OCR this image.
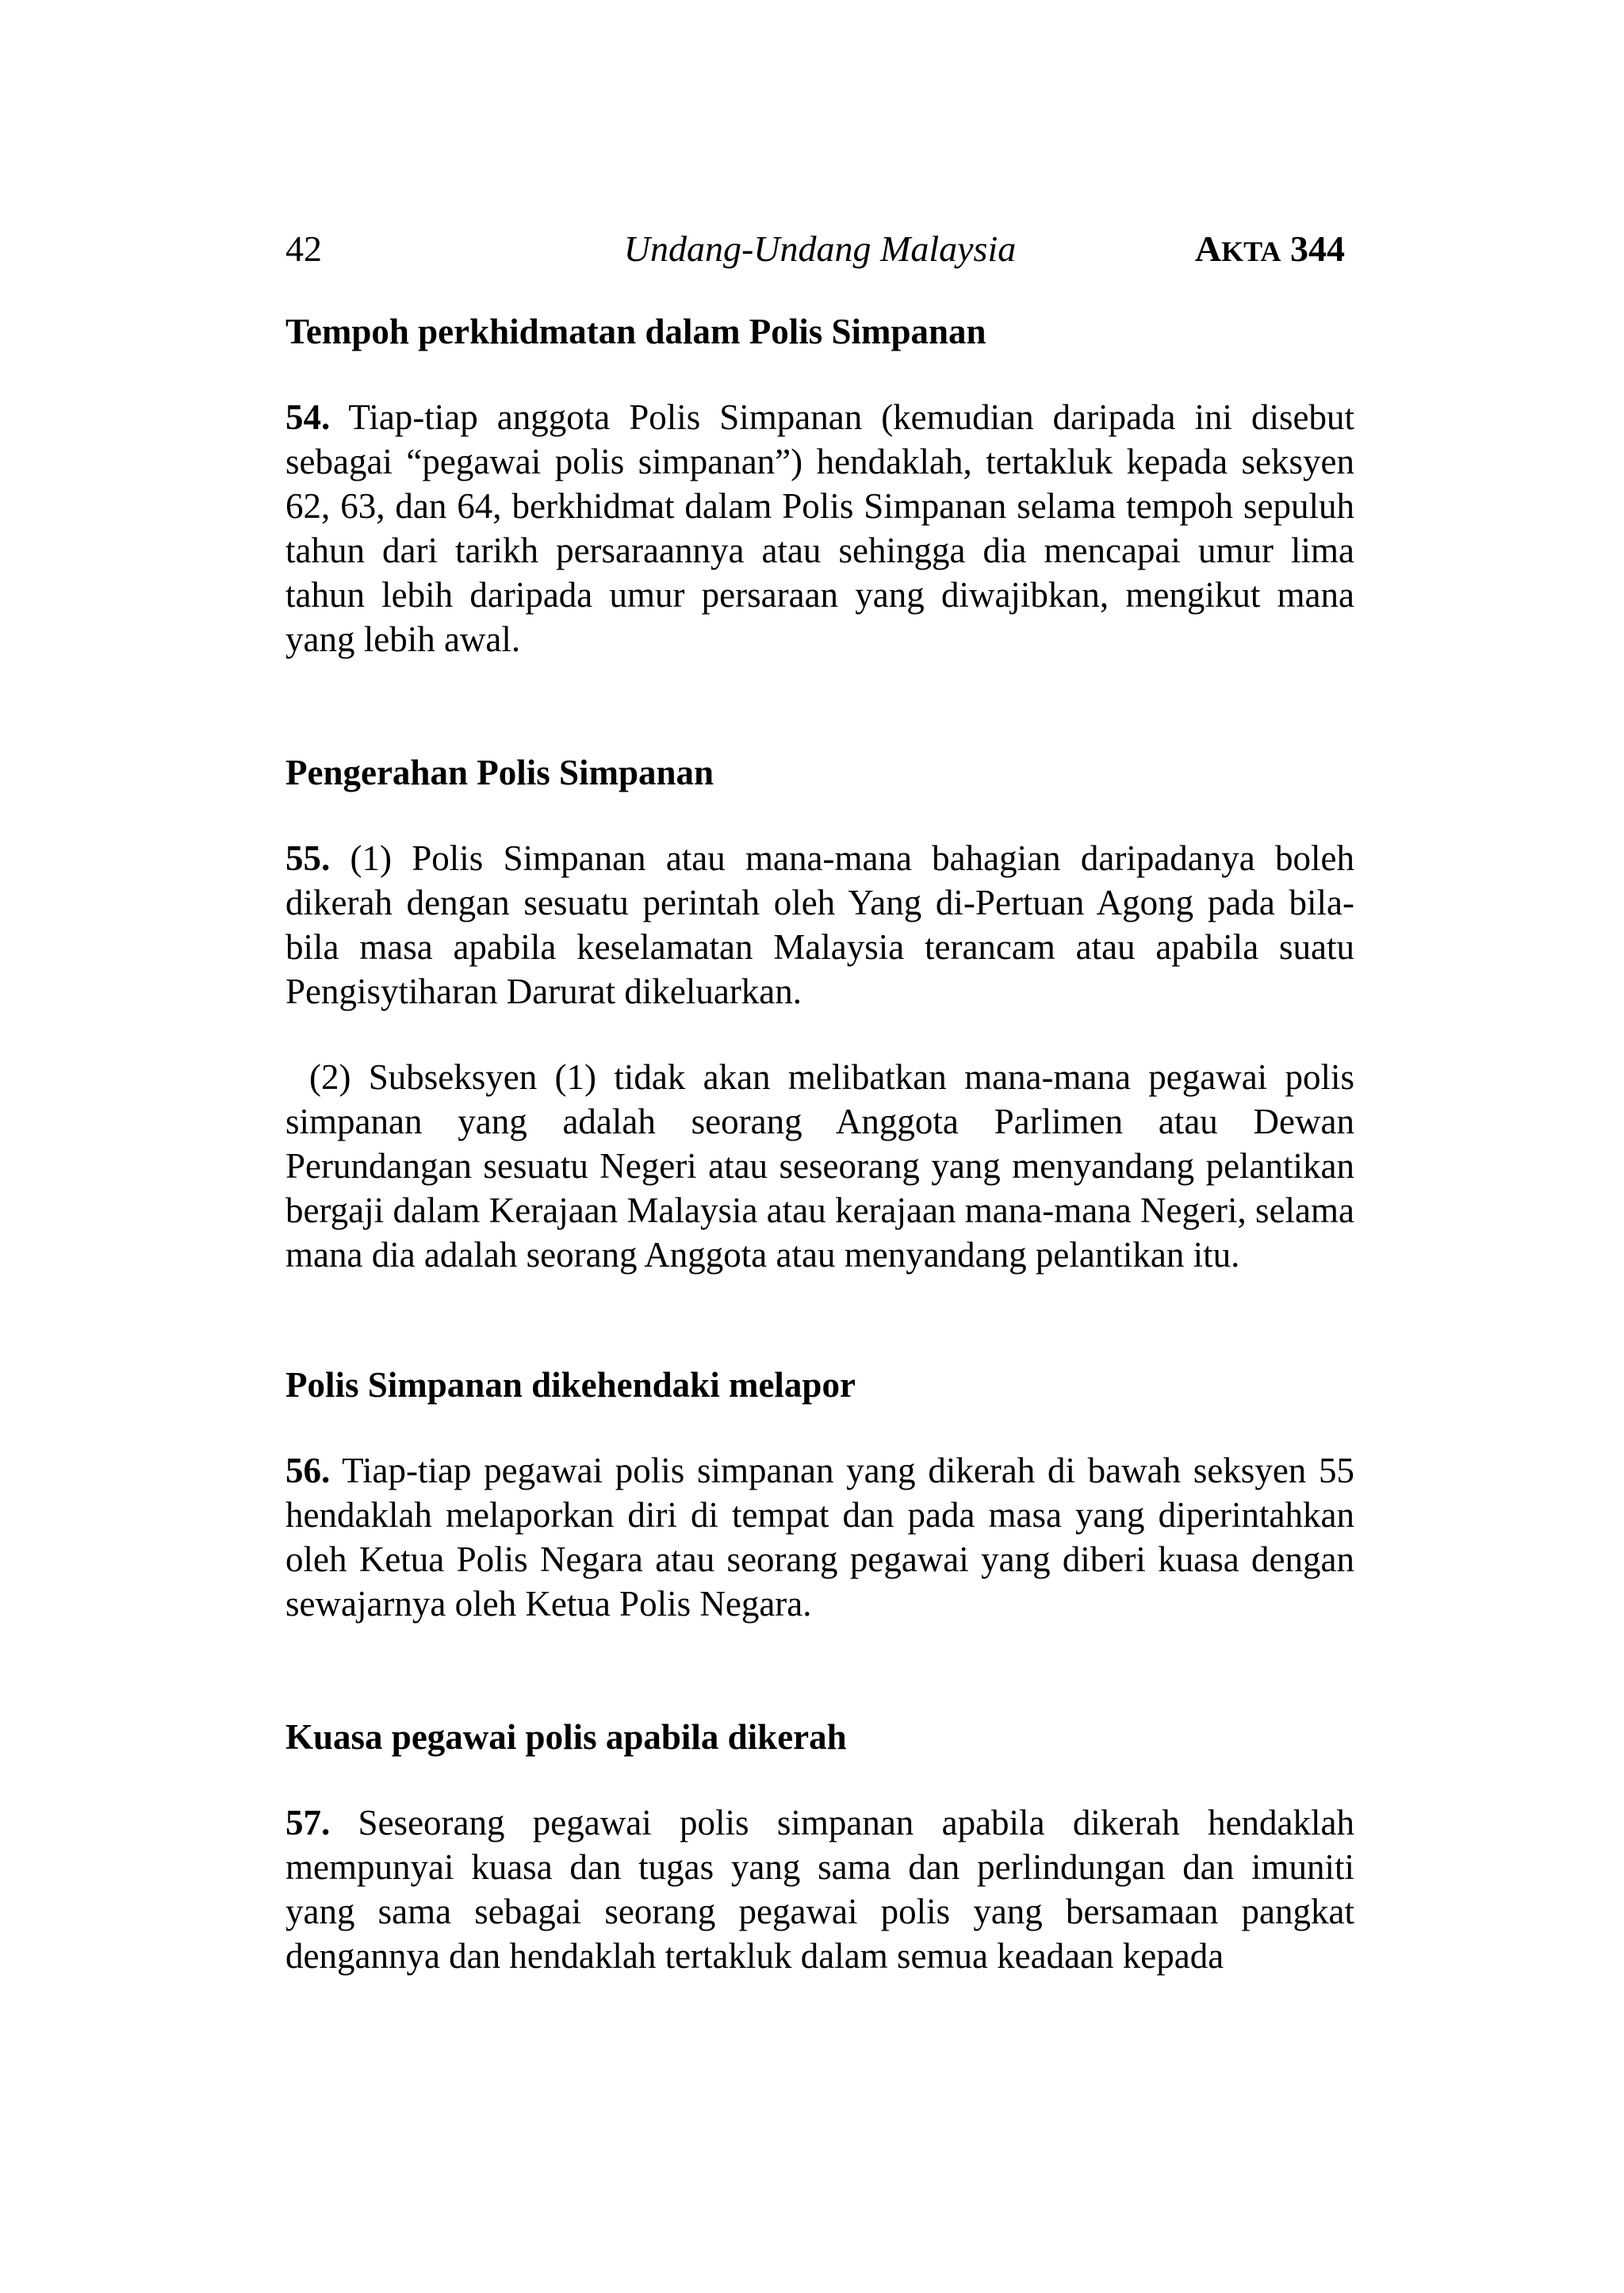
42	Undang-Undang Malaysia	AKTA 344
Tempoh perkhidmatan dalam Polis Simpanan

54. Tiap-tiap anggota Polis Simpanan (kemudian daripada ini disebut sebagai “pegawai polis simpanan”) hendaklah, tertakluk kepada seksyen 62, 63, dan 64, berkhidmat dalam Polis Simpanan selama tempoh sepuluh tahun dari tarikh persaraannya atau sehingga dia mencapai umur lima tahun lebih daripada umur persaraan yang diwajibkan, mengikut mana yang lebih awal.

Pengerahan Polis Simpanan

55. (1) Polis Simpanan atau mana-mana bahagian daripadanya boleh dikerah dengan sesuatu perintah oleh Yang di-Pertuan Agong pada bila-bila masa apabila keselamatan Malaysia terancam atau apabila suatu Pengisytiharan Darurat dikeluarkan.

(2) Subseksyen (1) tidak akan melibatkan mana-mana pegawai polis simpanan yang adalah seorang Anggota Parlimen atau Dewan Perundangan sesuatu Negeri atau seseorang yang menyandang pelantikan bergaji dalam Kerajaan Malaysia atau kerajaan mana-mana Negeri, selama mana dia adalah seorang Anggota atau menyandang pelantikan itu.

Polis Simpanan dikehendaki melapor

56. Tiap-tiap pegawai polis simpanan yang dikerah di bawah seksyen 55 hendaklah melaporkan diri di tempat dan pada masa yang diperintahkan oleh Ketua Polis Negara atau seorang pegawai yang diberi kuasa dengan sewajarnya oleh Ketua Polis Negara.

Kuasa pegawai polis apabila dikerah

57. Seseorang pegawai polis simpanan apabila dikerah hendaklah mempunyai kuasa dan tugas yang sama dan perlindungan dan imuniti yang sama sebagai seorang pegawai polis yang bersamaan pangkat dengannya dan hendaklah tertakluk dalam semua keadaan kepada
